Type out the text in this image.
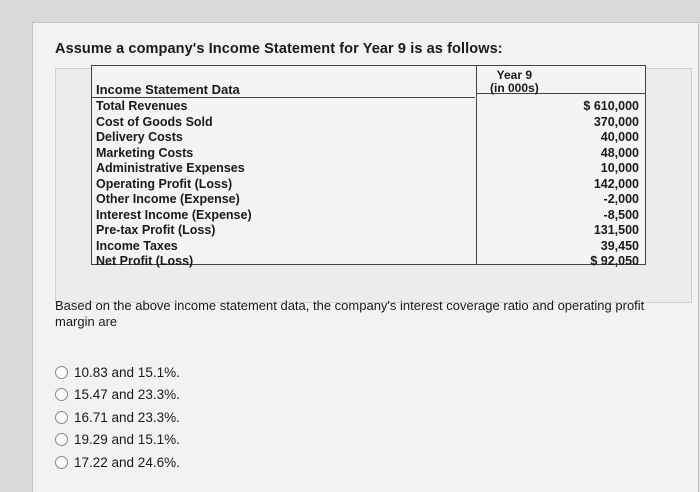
Assume a company's Income Statement for Year 9 is as follows:
Year 9
(in 000s)
Income Statement Data
Total Revenues
Cost of Goods Sold
Delivery Costs
Marketing Costs
Administrative Expenses
Operating Profit (Loss)
Other Income (Expense)
Interest Income (Expense)
Pre-tax Profit (Loss)
Income Taxes
Net Profit (Loss)
$ 610,000
370,000
40,000
48,000
10,000
142,000
-2,000
-8,500
131,500
39,450
$ 92,050
Based on the above income statement data, the company's interest coverage ratio and operating profit margin are
10.83 and 15.1%.
15.47 and 23.3%.
16.71 and 23.3%.
19.29 and 15.1%.
17.22 and 24.6%.
